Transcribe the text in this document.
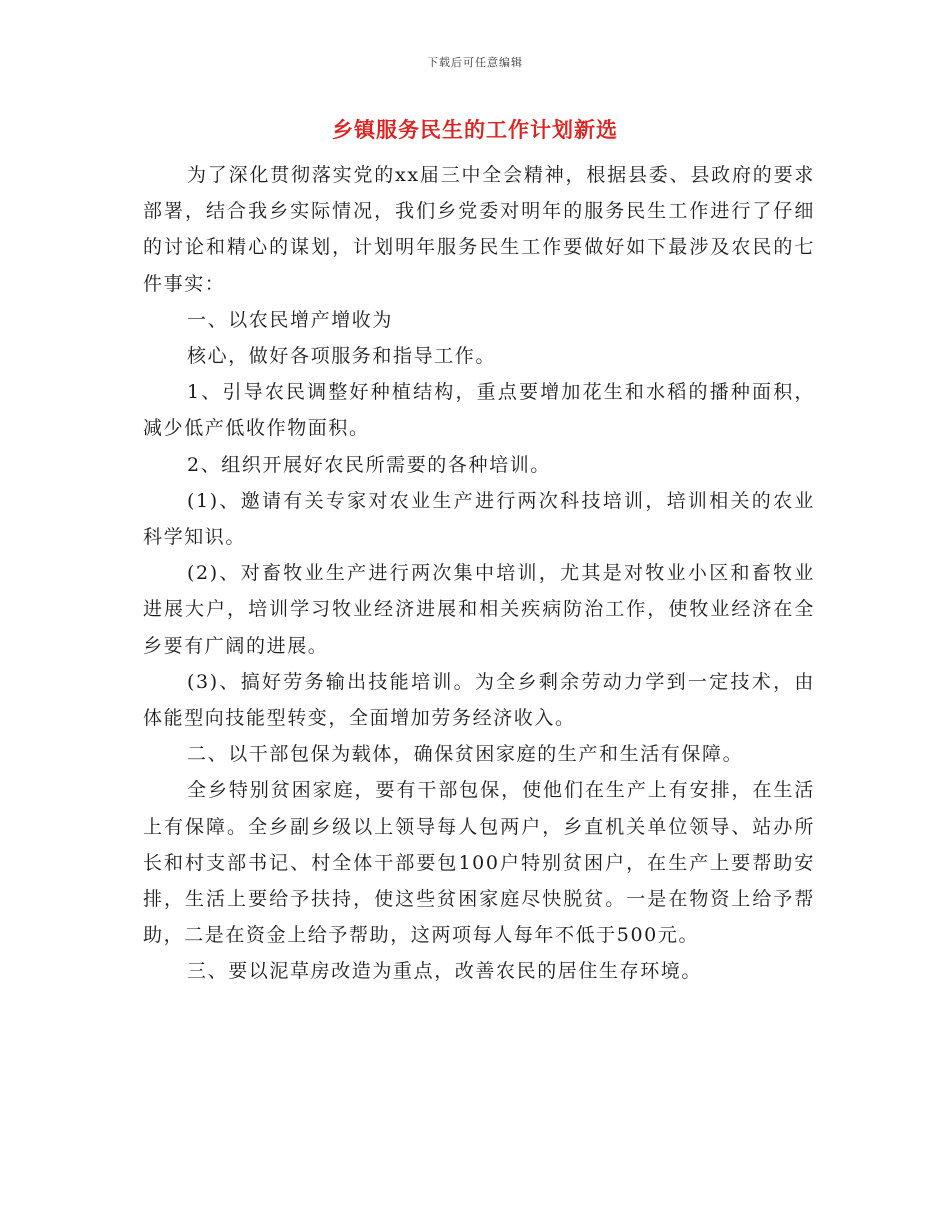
下载后可任意编辑
乡镇服务民生的工作计划新选

为了深化贯彻落实党的xx届三中全会精神，根据县委、县政府的要求部署，结合我乡实际情况，我们乡党委对明年的服务民生工作进行了仔细的讨论和精心的谋划，计划明年服务民生工作要做好如下最涉及农民的七件事实：

一、以农民增产增收为

核心，做好各项服务和指导工作。

1、引导农民调整好种植结构，重点要增加花生和水稻的播种面积，减少低产低收作物面积。

2、组织开展好农民所需要的各种培训。

(1)、邀请有关专家对农业生产进行两次科技培训，培训相关的农业科学知识。

(2)、对畜牧业生产进行两次集中培训，尤其是对牧业小区和畜牧业进展大户，培训学习牧业经济进展和相关疾病防治工作，使牧业经济在全乡要有广阔的进展。

(3)、搞好劳务输出技能培训。为全乡剩余劳动力学到一定技术，由体能型向技能型转变，全面增加劳务经济收入。

二、以干部包保为载体，确保贫困家庭的生产和生活有保障。

全乡特别贫困家庭，要有干部包保，使他们在生产上有安排，在生活上有保障。全乡副乡级以上领导每人包两户，乡直机关单位领导、站办所长和村支部书记、村全体干部要包100户特别贫困户，在生产上要帮助安排，生活上要给予扶持，使这些贫困家庭尽快脱贫。一是在物资上给予帮助，二是在资金上给予帮助，这两项每人每年不低于500元。

三、要以泥草房改造为重点，改善农民的居住生存环境。
